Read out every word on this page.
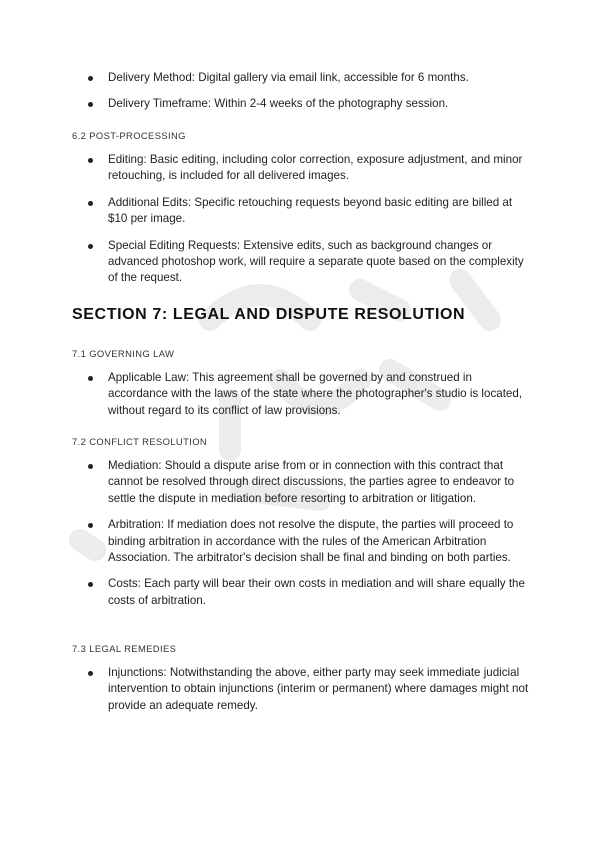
Delivery Method: Digital gallery via email link, accessible for 6 months.
Delivery Timeframe: Within 2-4 weeks of the photography session.
6.2 POST-PROCESSING
Editing: Basic editing, including color correction, exposure adjustment, and minor retouching, is included for all delivered images.
Additional Edits: Specific retouching requests beyond basic editing are billed at $10 per image.
Special Editing Requests: Extensive edits, such as background changes or advanced photoshop work, will require a separate quote based on the complexity of the request.
SECTION 7: LEGAL AND DISPUTE RESOLUTION
7.1 GOVERNING LAW
Applicable Law: This agreement shall be governed by and construed in accordance with the laws of the state where the photographer's studio is located, without regard to its conflict of law provisions.
7.2 CONFLICT RESOLUTION
Mediation: Should a dispute arise from or in connection with this contract that cannot be resolved through direct discussions, the parties agree to endeavor to settle the dispute in mediation before resorting to arbitration or litigation.
Arbitration: If mediation does not resolve the dispute, the parties will proceed to binding arbitration in accordance with the rules of the American Arbitration Association. The arbitrator's decision shall be final and binding on both parties.
Costs: Each party will bear their own costs in mediation and will share equally the costs of arbitration.
7.3 LEGAL REMEDIES
Injunctions: Notwithstanding the above, either party may seek immediate judicial intervention to obtain injunctions (interim or permanent) where damages might not provide an adequate remedy.
